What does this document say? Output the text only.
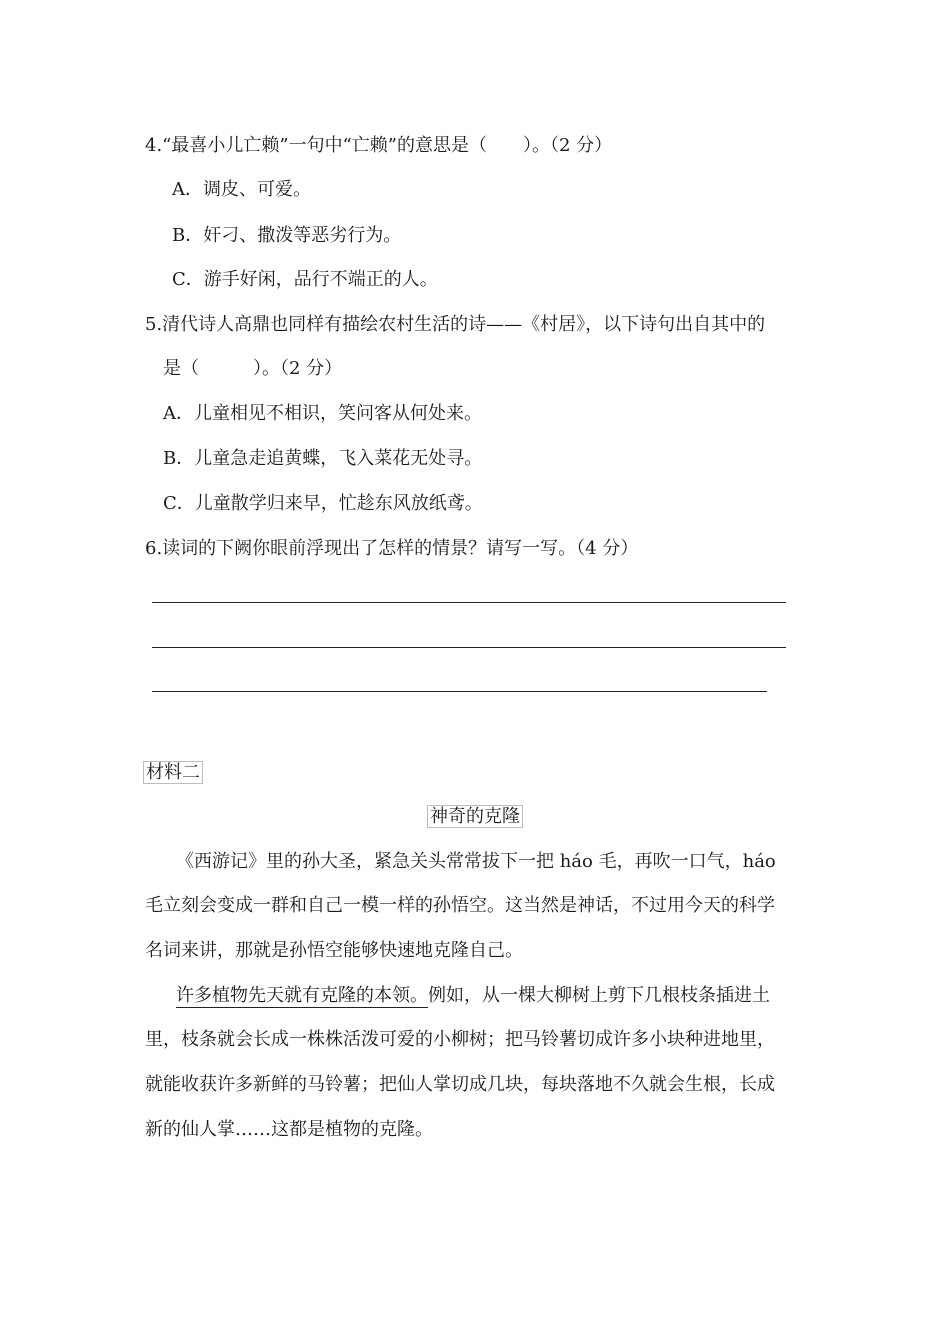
4.“最喜小儿亡赖”一句中“亡赖”的意思是（　　）。（2 分）
A．调皮、可爱。
B．奸刁、撒泼等恶劣行为。
C．游手好闲，品行不端正的人。
5.清代诗人高鼎也同样有描绘农村生活的诗——《村居》，以下诗句出自其中的
是（　　　）。（2 分）
A．儿童相见不相识，笑问客从何处来。
B．儿童急走追黄蝶，飞入菜花无处寻。
C．儿童散学归来早，忙趁东风放纸鸢。
6.读词的下阙你眼前浮现出了怎样的情景？请写一写。（4 分）
材料二
神奇的克隆
《西游记》里的孙大圣，紧急关头常常拔下一把 háo 毛，再吹一口气，háo
毛立刻会变成一群和自己一模一样的孙悟空。这当然是神话，不过用今天的科学
名词来讲，那就是孙悟空能够快速地克隆自己。
许多植物先天就有克隆的本领。例如，从一棵大柳树上剪下几根枝条插进土
里，枝条就会长成一株株活泼可爱的小柳树；把马铃薯切成许多小块种进地里，
就能收获许多新鲜的马铃薯；把仙人掌切成几块，每块落地不久就会生根，长成
新的仙人掌……这都是植物的克隆。
